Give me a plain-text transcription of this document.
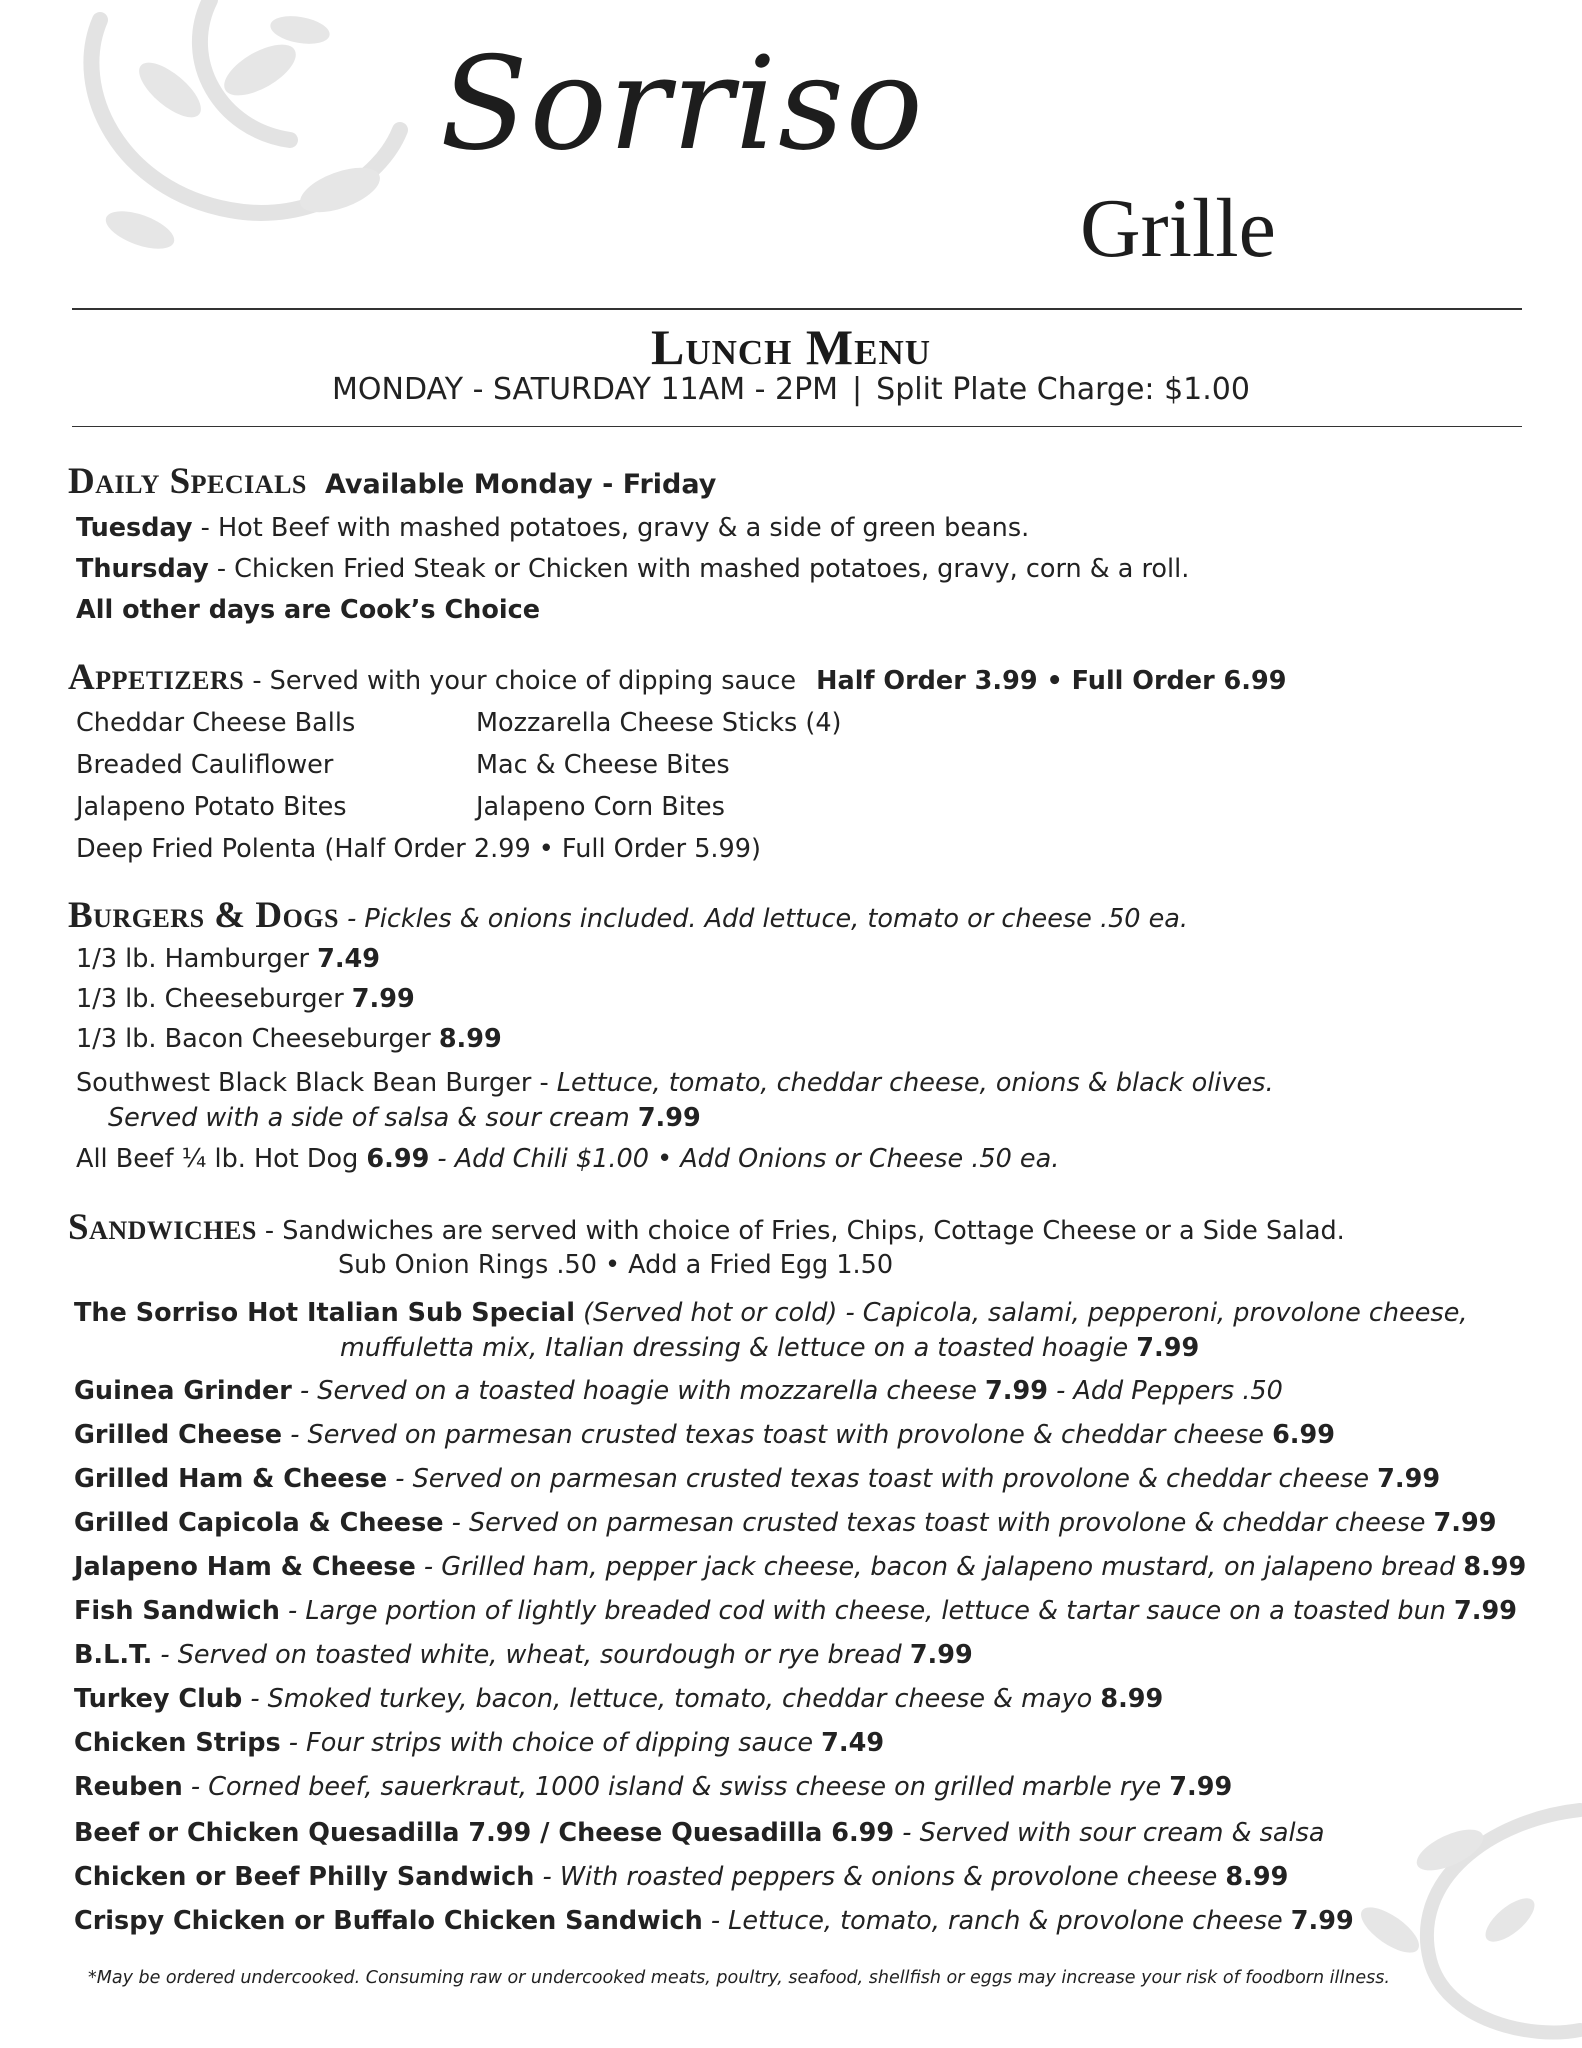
Sorriso
Grille
Lunch Menu
MONDAY - SATURDAY 11AM - 2PM | Split Plate Charge: $1.00
Daily Specials Available Monday - Friday
Tuesday - Hot Beef with mashed potatoes, gravy & a side of green beans.
Thursday - Chicken Fried Steak or Chicken with mashed potatoes, gravy, corn & a roll.
All other days are Cook’s Choice
Appetizers - Served with your choice of dipping sauce Half Order 3.99 • Full Order 6.99
Cheddar Cheese Balls
Breaded Cauliflower
Jalapeno Potato Bites
Mozzarella Cheese Sticks (4)
Mac & Cheese Bites
Jalapeno Corn Bites
Deep Fried Polenta (Half Order 2.99 • Full Order 5.99)
Burgers & Dogs - Pickles & onions included. Add lettuce, tomato or cheese .50 ea.
1/3 lb. Hamburger 7.49
1/3 lb. Cheeseburger 7.99
1/3 lb. Bacon Cheeseburger 8.99
Southwest Black Black Bean Burger - Lettuce, tomato, cheddar cheese, onions & black olives.
Served with a side of salsa & sour cream 7.99
All Beef ¼ lb. Hot Dog 6.99 - Add Chili $1.00 • Add Onions or Cheese .50 ea.
Sandwiches - Sandwiches are served with choice of Fries, Chips, Cottage Cheese or a Side Salad.
Sub Onion Rings .50 • Add a Fried Egg 1.50
The Sorriso Hot Italian Sub Special (Served hot or cold) - Capicola, salami, pepperoni, provolone cheese,
muffuletta mix, Italian dressing & lettuce on a toasted hoagie 7.99
Guinea Grinder - Served on a toasted hoagie with mozzarella cheese 7.99 - Add Peppers .50
Grilled Cheese - Served on parmesan crusted texas toast with provolone & cheddar cheese 6.99
Grilled Ham & Cheese - Served on parmesan crusted texas toast with provolone & cheddar cheese 7.99
Grilled Capicola & Cheese - Served on parmesan crusted texas toast with provolone & cheddar cheese 7.99
Jalapeno Ham & Cheese - Grilled ham, pepper jack cheese, bacon & jalapeno mustard, on jalapeno bread 8.99
Fish Sandwich - Large portion of lightly breaded cod with cheese, lettuce & tartar sauce on a toasted bun 7.99
B.L.T. - Served on toasted white, wheat, sourdough or rye bread 7.99
Turkey Club - Smoked turkey, bacon, lettuce, tomato, cheddar cheese & mayo 8.99
Chicken Strips - Four strips with choice of dipping sauce 7.49
Reuben - Corned beef, sauerkraut, 1000 island & swiss cheese on grilled marble rye 7.99
Beef or Chicken Quesadilla 7.99 / Cheese Quesadilla 6.99 - Served with sour cream & salsa
Chicken or Beef Philly Sandwich - With roasted peppers & onions & provolone cheese 8.99
Crispy Chicken or Buffalo Chicken Sandwich - Lettuce, tomato, ranch & provolone cheese 7.99
*May be ordered undercooked. Consuming raw or undercooked meats, poultry, seafood, shellfish or eggs may increase your risk of foodborn illness.
